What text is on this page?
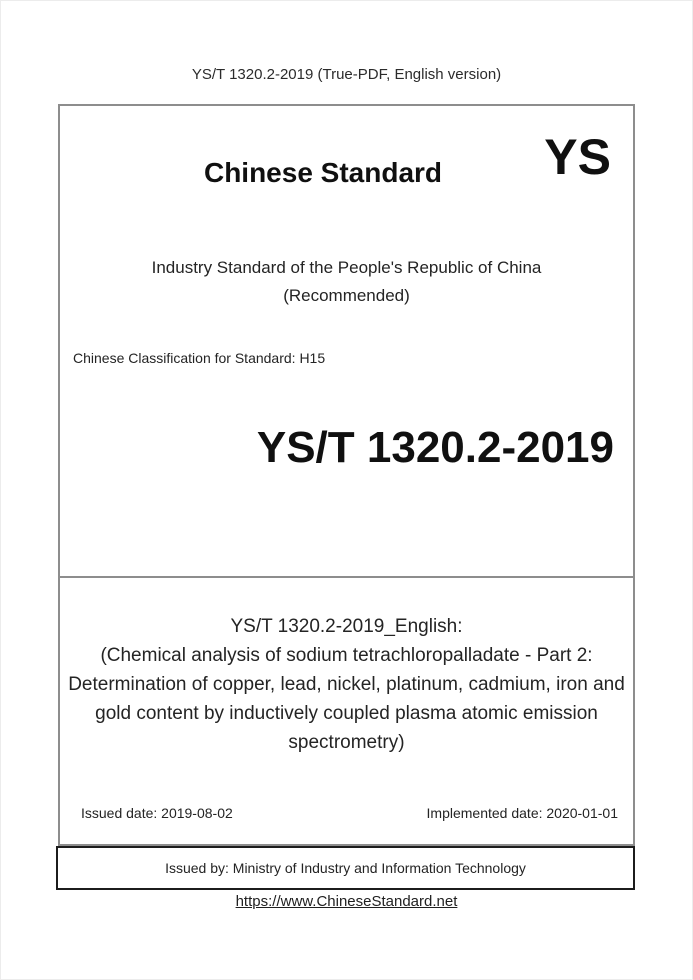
YS/T 1320.2-2019 (True-PDF, English version)
Chinese Standard	YS
Industry Standard of the People's Republic of China
(Recommended)
Chinese Classification for Standard: H15
YS/T 1320.2-2019
YS/T 1320.2-2019_English:
(Chemical analysis of sodium tetrachloropalladate - Part 2: Determination of copper, lead, nickel, platinum, cadmium, iron and gold content by inductively coupled plasma atomic emission spectrometry)
Issued date: 2019-08-02	Implemented date: 2020-01-01
Issued by: Ministry of Industry and Information Technology
https://www.ChineseStandard.net
